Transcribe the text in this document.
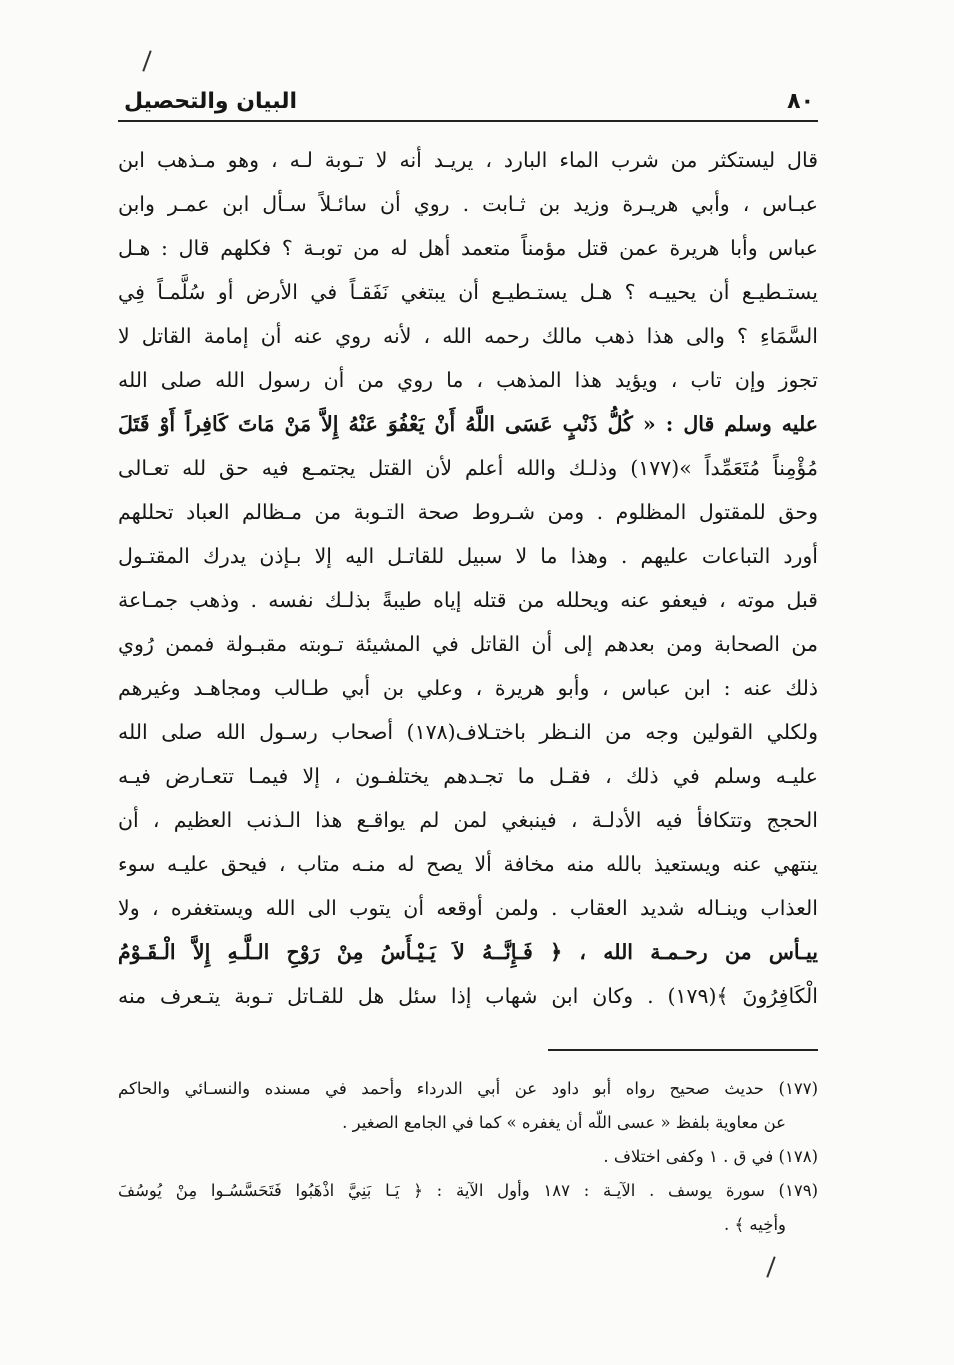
البيان والتحصيل	٨٠
قال ليستكثر من شرب الماء البارد ، يريـد أنه لا تـوبة لـه ، وهو مـذهب ابن
عبـاس ، وأبي هريـرة وزيد بن ثـابت . روي أن سائـلاً سـأل ابن عمـر وابن
عباس وأبا هريرة عمن قتل مؤمناً متعمد أهل له من توبـة ؟ فكلهم قال : هـل
يستـطيـع أن يحييـه ؟ هـل يستـطيـع أن يبتغي نَفَقـاً في الأرض أو سُلَّمـاً فِي
السَّمَاءِ ؟ والى هذا ذهب مالك رحمه الله ، لأنه روي عنه أن إمامة القاتل لا
تجوز وإن تاب ، ويؤيد هذا المذهب ، ما روي من أن رسول الله صلى الله
عليه وسلم قال : « كُلُّ ذَنْبٍ عَسَى اللَّهُ أَنْ يَعْفُوَ عَنْهُ إِلاَّ مَنْ مَاتَ كَافِراً أَوْ قَتَلَ
مُؤْمِناً مُتَعَمِّداً »(١٧٧) وذلـك والله أعلم لأن القتل يجتمـع فيه حق لله تعـالى
وحق للمقتول المظلوم . ومن شـروط صحة التـوبة من مـظالم العباد تحللهم
أورد التباعات عليهم . وهذا ما لا سبيل للقاتـل اليه إلا بـإذن يدرك المقتـول
قبل موته ، فيعفو عنه ويحلله من قتله إياه طيبةً بذلـك نفسه . وذهب جمـاعة
من الصحابة ومن بعدهم إلى أن القاتل في المشيئة تـوبته مقبـولة فممن رُوي
ذلك عنه : ابن عباس ، وأبو هريرة ، وعلي بن أبي طـالب ومجاهـد وغيرهم
ولكلي القولين وجه من النـظر باختـلاف(١٧٨) أصحاب رسـول الله صلى الله
عليـه وسلم في ذلك ، فقـل ما تجـدهم يختلفـون ، إلا فيمـا تتعـارض فيـه
الحجج وتتكافأ فيه الأدلـة ، فينبغي لمن لم يواقـع هذا الـذنب العظيم ، أن
ينتهي عنه ويستعيذ بالله منه مخافة ألا يصح له منـه متاب ، فيحق عليـه سوء
العذاب وينـاله شديد العقاب . ولمن أوقعه أن يتوب الى الله ويستغفره ، ولا
ييـأس من رحـمـة الله ، ﴿ فَـإِنَّــهُ لاَ يَـيْـأَسُ مِنْ رَوْحِ الـلَّـهِ إِلاَّ الْـقَـوْمُ
الْكَافِرُونَ ﴾(١٧٩) . وكان ابن شهاب إذا سئل هل للقـاتل تـوبة يتـعرف منه
(١٧٧) حديث صحيح رواه أبو داود عن أبي الدرداء وأحمد في مسنده والنسـائي والحاكم
عن معاوية بلفظ « عسى اللّه أن يغفره » كما في الجامع الصغير .
(١٧٨) في ق . ١ وكفى اختلاف .
(١٧٩) سورة يوسف . الآيـة : ١٨٧ وأول الآية : ﴿ يَـا بَنِيَّ اذْهَبُوا فَتَحَسَّسُـوا مِنْ يُوسُفَ
وأخِيه ﴾ .
